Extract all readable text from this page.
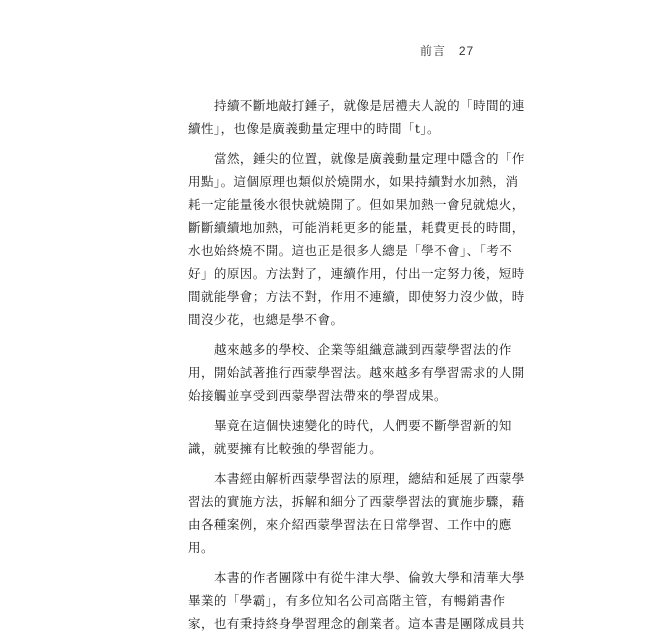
前言 27

持續不斷地敲打錘子，就像是居禮夫人說的「時間的連
續性」，也像是廣義動量定理中的時間「t」。

當然，錘尖的位置，就像是廣義動量定理中隱含的「作
用點」。這個原理也類似於燒開水，如果持續對水加熱，消
耗一定能量後水很快就燒開了。但如果加熱一會兒就熄火，
斷斷續續地加熱，可能消耗更多的能量，耗費更長的時間，
水也始終燒不開。這也正是很多人總是「學不會」、「考不
好」的原因。方法對了，連續作用，付出一定努力後，短時
間就能學會；方法不對，作用不連續，即使努力沒少做，時
間沒少花，也總是學不會。

越來越多的學校、企業等組織意識到西蒙學習法的作
用，開始試著推行西蒙學習法。越來越多有學習需求的人開
始接觸並享受到西蒙學習法帶來的學習成果。

畢竟在這個快速變化的時代，人們要不斷學習新的知
識，就要擁有比較強的學習能力。

本書經由解析西蒙學習法的原理，總結和延展了西蒙學
習法的實施方法，拆解和細分了西蒙學習法的實施步驟，藉
由各種案例，來介紹西蒙學習法在日常學習、工作中的應
用。

本書的作者團隊中有從牛津大學、倫敦大學和清華大學
畢業的「學霸」，有多位知名公司高階主管，有暢銷書作
家，也有秉持終身學習理念的創業者。這本書是團隊成員共
